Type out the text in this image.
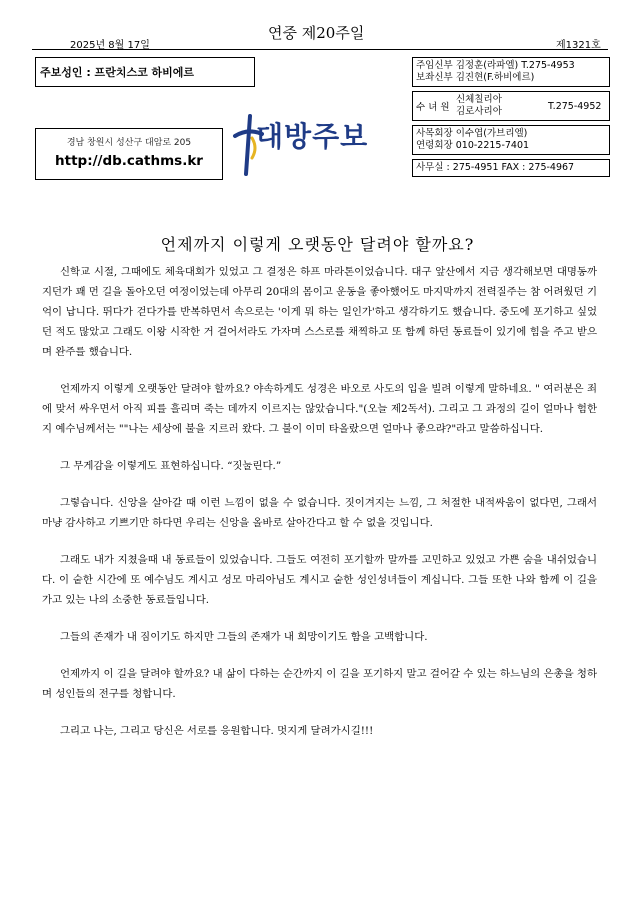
2025년 8월 17일
연중 제20주일
제1321호
주보성인 : 프란치스코 하비에르
경남 창원시 성산구 대암로 205
http://db.cathms.kr
대방주보
주임신부 김정훈(라파엘) T.275-4953
보좌신부 김진현(F.하비에르)
수 녀 원
신체칠리아
김로사리아	T.275-4952
사목회장 이수엽(가브리엘)
연령회장 010-2215-7401
사무실 : 275-4951 FAX : 275-4967
언제까지 이렇게 오랫동안 달려야 할까요?

신학교 시절, 그때에도 체육대회가 있었고 그 결정은 하프 마라톤이었습니다. 대구 앞산에서 지금 생각해보면 대명동까지던가 꽤 먼 길을 돌아오던 여정이었는데 아무리 20대의 몸이고 운동을 좋아했어도 마지막까지 전력질주는 참 어려웠던 기억이 납니다. 뛰다가 걷다가를 반복하면서 속으로는 '이게 뭐 하는 일인가'하고 생각하기도 했습니다. 중도에 포기하고 싶었던 적도 많았고 그래도 이왕 시작한 거 걸어서라도 가자며 스스로를 채찍하고 또 함께 하던 동료들이 있기에 힘을 주고 받으며 완주를 했습니다.

언제까지 이렇게 오랫동안 달려야 할까요? 야속하게도 성경은 바오로 사도의 입을 빌려 이렇게 말하네요. " 여러분은 죄에 맞서 싸우면서 아직 피를 흘리며 죽는 데까지 이르지는 않았습니다."(오늘 제2독서). 그리고 그 과정의 길이 얼마나 험한지 예수님께서는 ""나는 세상에 불을 지르러 왔다. 그 불이 이미 타올랐으면 얼마나 좋으랴?"라고 말씀하십니다.

그 무게감을 이렇게도 표현하십니다. “짓눌린다.”

그렇습니다. 신앙을 살아갈 때 이런 느낌이 없을 수 없습니다. 짓이겨지는 느낌, 그 처절한 내적싸움이 없다면, 그래서 마냥 감사하고 기쁘기만 하다면 우리는 신앙을 올바로 살아간다고 할 수 없을 것입니다.

그래도 내가 지쳤을때 내 동료들이 있었습니다. 그들도 여전히 포기할까 말까를 고민하고 있었고 가쁜 숨을 내쉬었습니다. 이 숱한 시간에 또 예수님도 계시고 성모 마리아님도 계시고 숱한 성인성녀들이 계십니다. 그들 또한 나와 함께 이 길을 가고 있는 나의 소중한 동료들입니다.

그들의 존재가 내 짐이기도 하지만 그들의 존재가 내 희망이기도 함을 고백합니다.

언제까지 이 길을 달려야 할까요? 내 삶이 다하는 순간까지 이 길을 포기하지 말고 걸어갈 수 있는 하느님의 은총을 청하며 성인들의 전구를 청합니다.

그리고 나는, 그리고 당신은 서로를 응원합니다. 멋지게 달려가시길!!!
